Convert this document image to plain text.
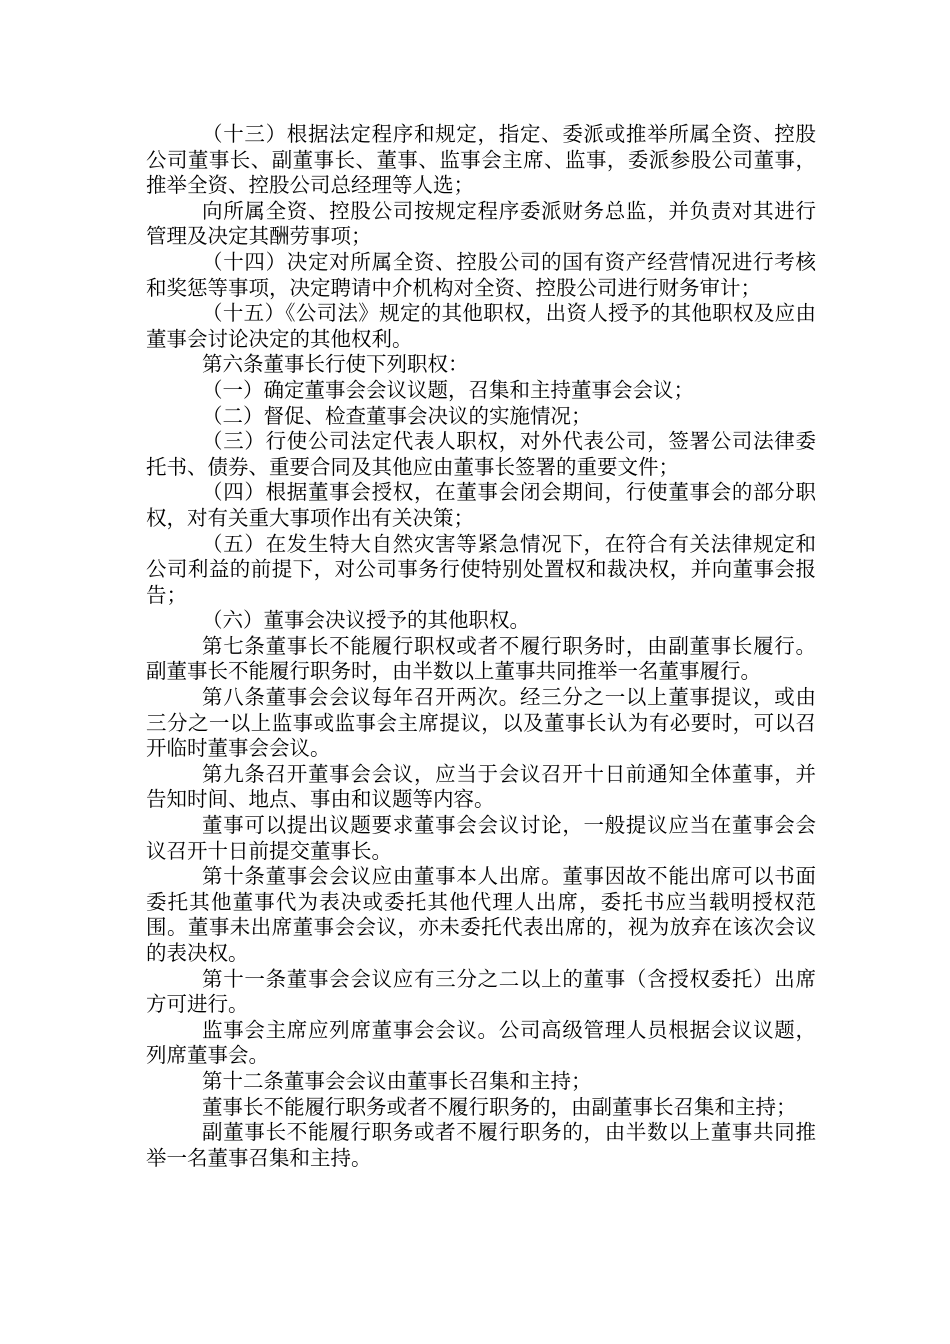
（十三）根据法定程序和规定，指定、委派或推举所属全资、控股公司董事长、副董事长、董事、监事会主席、监事，委派参股公司董事，推举全资、控股公司总经理等人选；

向所属全资、控股公司按规定程序委派财务总监，并负责对其进行管理及决定其酬劳事项；

（十四）决定对所属全资、控股公司的国有资产经营情况进行考核和奖惩等事项，决定聘请中介机构对全资、控股公司进行财务审计；

（十五）《公司法》规定的其他职权，出资人授予的其他职权及应由董事会讨论决定的其他权利。

第六条董事长行使下列职权：

（一）确定董事会会议议题，召集和主持董事会会议；

（二）督促、检查董事会决议的实施情况；

（三）行使公司法定代表人职权，对外代表公司，签署公司法律委托书、债券、重要合同及其他应由董事长签署的重要文件；

（四）根据董事会授权，在董事会闭会期间，行使董事会的部分职权，对有关重大事项作出有关决策；

（五）在发生特大自然灾害等紧急情况下，在符合有关法律规定和公司利益的前提下，对公司事务行使特别处置权和裁决权，并向董事会报告；

（六）董事会决议授予的其他职权。

第七条董事长不能履行职权或者不履行职务时，由副董事长履行。副董事长不能履行职务时，由半数以上董事共同推举一名董事履行。

第八条董事会会议每年召开两次。经三分之一以上董事提议，或由三分之一以上监事或监事会主席提议，以及董事长认为有必要时，可以召开临时董事会会议。

第九条召开董事会会议，应当于会议召开十日前通知全体董事，并告知时间、地点、事由和议题等内容。

董事可以提出议题要求董事会会议讨论，一般提议应当在董事会会议召开十日前提交董事长。

第十条董事会会议应由董事本人出席。董事因故不能出席可以书面委托其他董事代为表决或委托其他代理人出席，委托书应当载明授权范围。董事未出席董事会会议，亦未委托代表出席的，视为放弃在该次会议的表决权。

第十一条董事会会议应有三分之二以上的董事（含授权委托）出席方可进行。

监事会主席应列席董事会会议。公司高级管理人员根据会议议题，列席董事会。

第十二条董事会会议由董事长召集和主持；

董事长不能履行职务或者不履行职务的，由副董事长召集和主持；

副董事长不能履行职务或者不履行职务的，由半数以上董事共同推举一名董事召集和主持。
